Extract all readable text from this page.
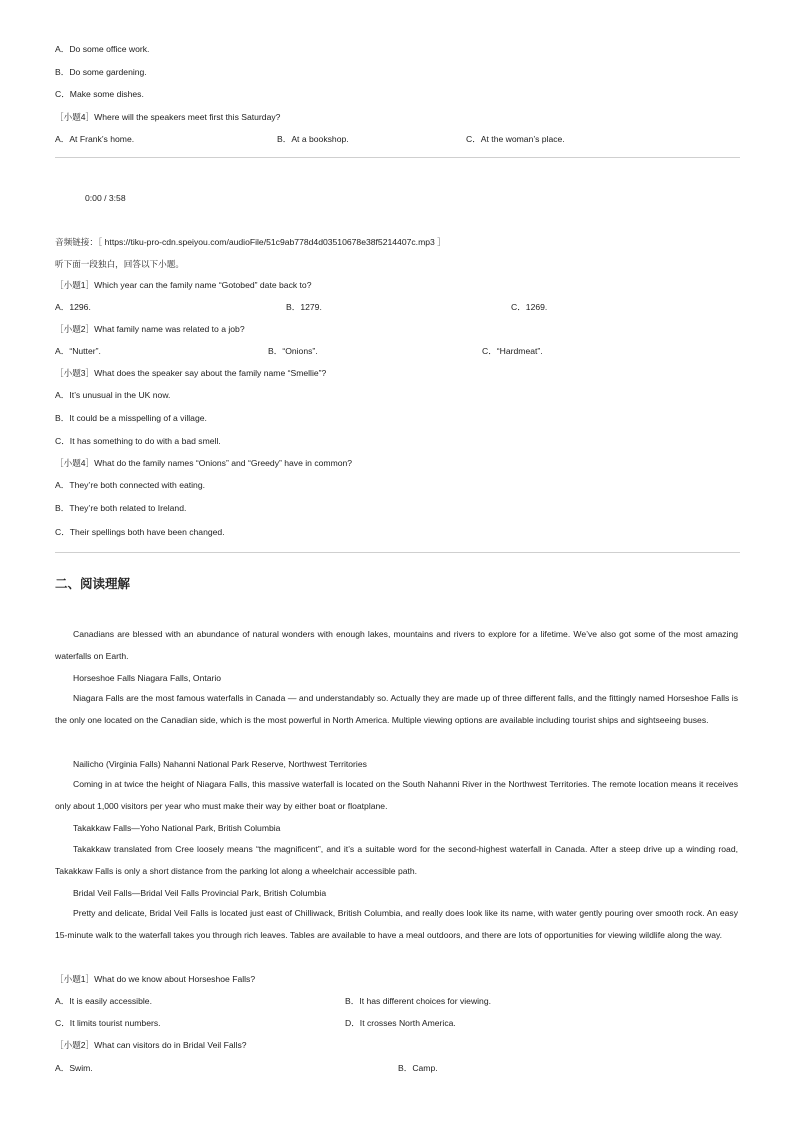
A．Do some office work.
B．Do some gardening.
C．Make some dishes.
［小题4］Where will the speakers meet first this Saturday?
A．At Frank’s home.	B．At a bookshop.	C．At the woman’s place.
0:00 / 3:58
音频链接：［ https://tiku-pro-cdn.speiyou.com/audioFile/51c9ab778d4d03510678e38f5214407c.mp3 ］
听下面一段独白，回答以下小题。
［小题1］Which year can the family name “Gotobed” date back to?
A．1296.	B．1279.	C．1269.
［小题2］What family name was related to a job?
A．“Nutter”.	B．“Onions”.	C．“Hardmeat”.
［小题3］What does the speaker say about the family name “Smellie”?
A．It’s unusual in the UK now.
B．It could be a misspelling of a village.
C．It has something to do with a bad smell.
［小题4］What do the family names “Onions” and “Greedy” have in common?
A．They’re both connected with eating.
B．They’re both related to Ireland.
C．Their spellings both have been changed.
二、阅读理解

Canadians are blessed with an abundance of natural wonders with enough lakes, mountains and rivers to explore for a lifetime. We’ve also got some of the most amazing waterfalls on Earth.

Horseshoe Falls Niagara Falls, Ontario

Niagara Falls are the most famous waterfalls in Canada — and understandably so. Actually they are made up of three different falls, and the fittingly named Horseshoe Falls is the only one located on the Canadian side, which is the most powerful in North America. Multiple viewing options are available including tourist ships and sightseeing buses.

Nailicho (Virginia Falls) Nahanni National Park Reserve, Northwest Territories

Coming in at twice the height of Niagara Falls, this massive waterfall is located on the South Nahanni River in the Northwest Territories. The remote location means it receives only about 1,000 visitors per year who must make their way by either boat or floatplane.

Takakkaw Falls—Yoho National Park, British Columbia

Takakkaw translated from Cree loosely means “the magnificent”, and it’s a suitable word for the second-highest waterfall in Canada. After a steep drive up a winding road, Takakkaw Falls is only a short distance from the parking lot along a wheelchair accessible path.

Bridal Veil Falls—Bridal Veil Falls Provincial Park, British Columbia

Pretty and delicate, Bridal Veil Falls is located just east of Chilliwack, British Columbia, and really does look like its name, with water gently pouring over smooth rock. An easy 15-minute walk to the waterfall takes you through rich leaves. Tables are available to have a meal outdoors, and there are lots of opportunities for viewing wildlife along the way.

［小题1］What do we know about Horseshoe Falls?
A．It is easily accessible.	B．It has different choices for viewing.
C．It limits tourist numbers.	D．It crosses North America.
［小题2］What can visitors do in Bridal Veil Falls?
A．Swim.	B．Camp.
